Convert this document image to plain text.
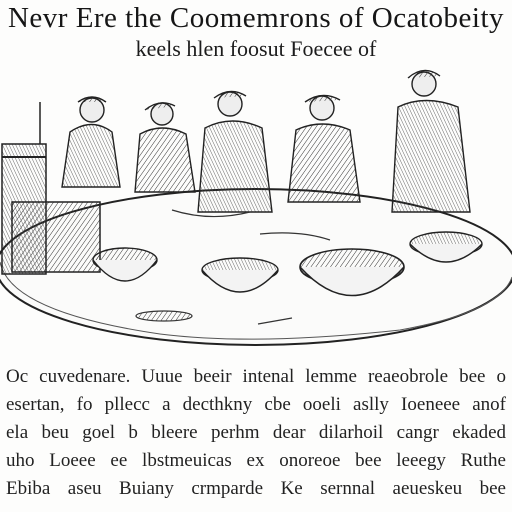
Nevr Ere the Coomemrons of Ocatobeity
keels hlen foosut Foecee of
Oc cuvedenare. Uuue beeir intenal lemme reaeobrole bee o
esertan, fo pllecc a decthkny cbe ooeli aslly Ioeneee anof
ela beu goel b bleere perhm dear dilarhoil cangr ekaded
uho Loeee ee lbstmeuicas ex onoreoe bee leeegy Ruthe
Ebiba aseu Buiany crmparde Ke sernnal aeueskeu bee
